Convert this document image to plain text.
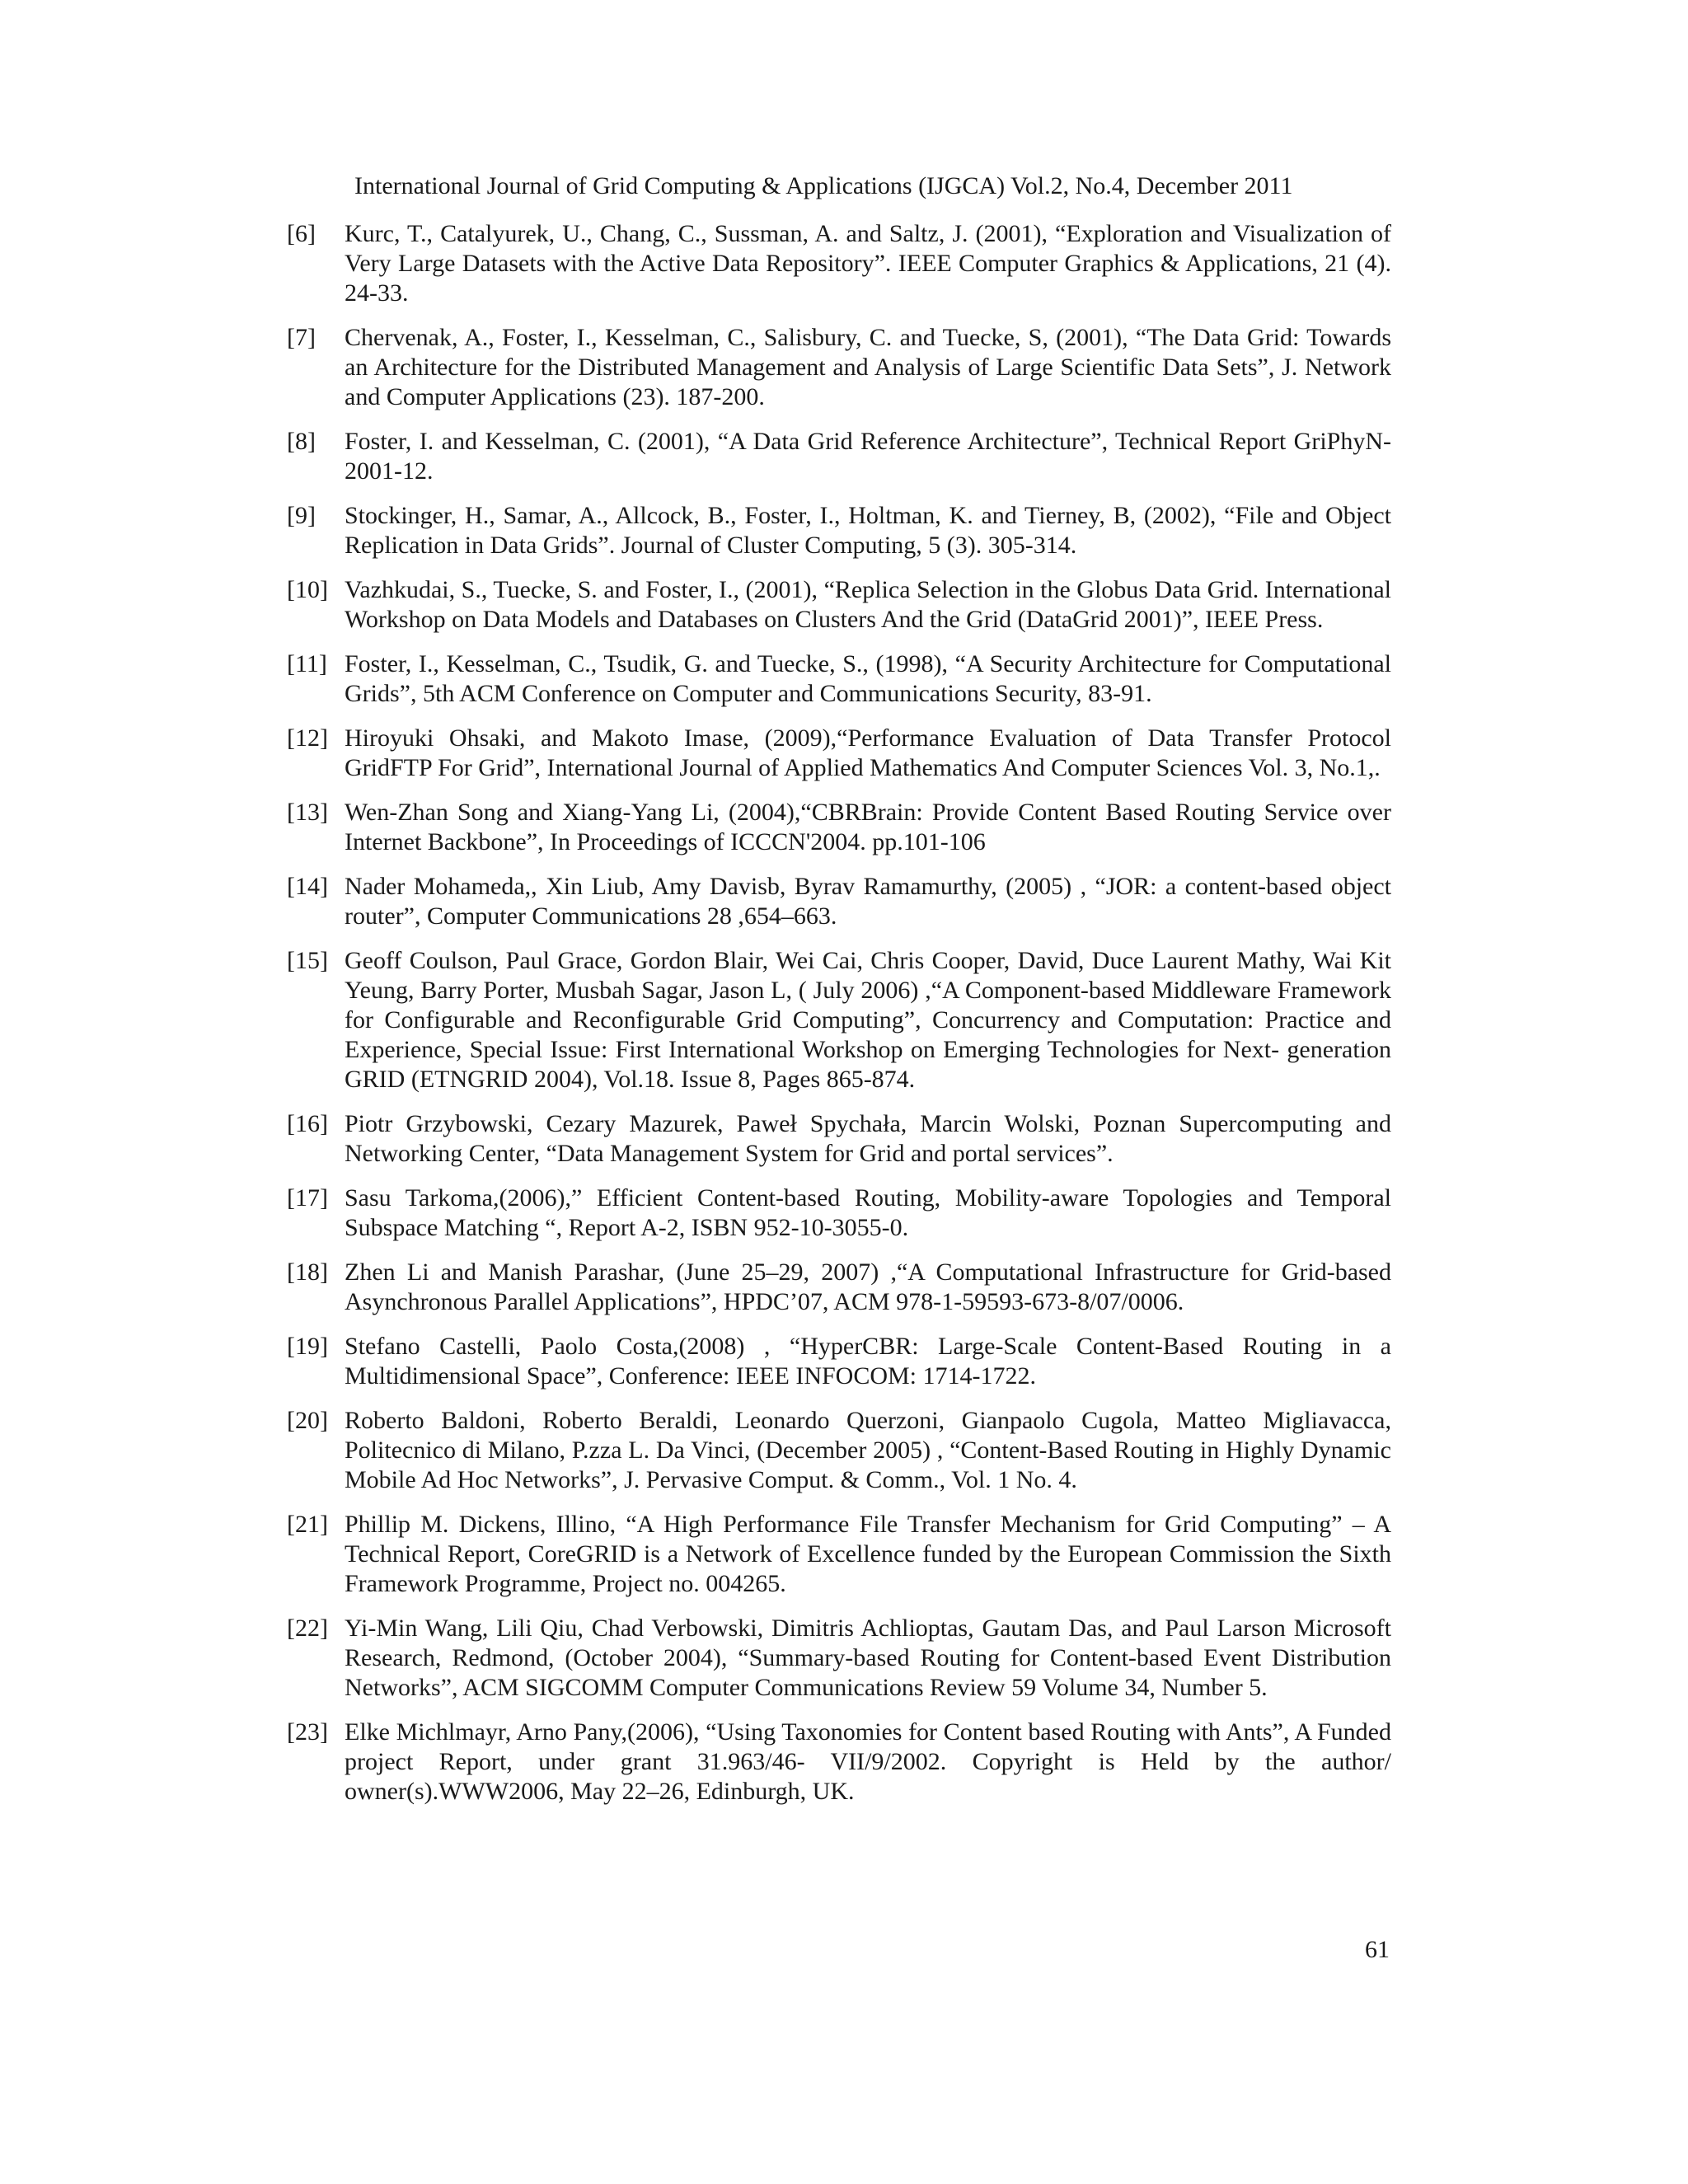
International Journal of Grid Computing & Applications (IJGCA) Vol.2, No.4, December 2011
[6]	Kurc, T., Catalyurek, U., Chang, C., Sussman, A. and Saltz, J. (2001), “Exploration and Visualization of Very Large Datasets with the Active Data Repository”. IEEE Computer Graphics & Applications, 21 (4). 24-33.
[7]	Chervenak, A., Foster, I., Kesselman, C., Salisbury, C. and Tuecke, S, (2001), “The Data Grid: Towards an Architecture for the Distributed Management and Analysis of Large Scientific Data Sets”, J. Network and Computer Applications (23). 187-200.
[8]	Foster, I. and Kesselman, C. (2001), “A Data Grid Reference Architecture”, Technical Report GriPhyN-2001-12.
[9]	Stockinger, H., Samar, A., Allcock, B., Foster, I., Holtman, K. and Tierney, B, (2002), “File and Object Replication in Data Grids”. Journal of Cluster Computing, 5 (3). 305-314.
[10] Vazhkudai, S., Tuecke, S. and Foster, I., (2001), “Replica Selection in the Globus Data Grid. International Workshop on Data Models and Databases on Clusters And the Grid (DataGrid 2001)”, IEEE Press.
[11] Foster, I., Kesselman, C., Tsudik, G. and Tuecke, S., (1998), “A Security Architecture for Computational Grids”, 5th ACM Conference on Computer and Communications Security, 83-91.
[12] Hiroyuki Ohsaki, and Makoto Imase, (2009),“Performance Evaluation of Data Transfer Protocol GridFTP For Grid”, International Journal of Applied Mathematics And Computer Sciences Vol. 3, No.1,.
[13] Wen-Zhan Song and Xiang-Yang Li, (2004),“CBRBrain: Provide Content Based Routing Service over Internet Backbone”, In Proceedings of ICCCN'2004. pp.101-106
[14] Nader Mohameda,, Xin Liub, Amy Davisb, Byrav Ramamurthy, (2005) , “JOR: a content-based object router”, Computer Communications 28 ,654–663.
[15] Geoff Coulson, Paul Grace, Gordon Blair, Wei Cai, Chris Cooper, David, Duce Laurent Mathy, Wai Kit Yeung, Barry Porter, Musbah Sagar, Jason L, ( July 2006) ,“A Component-based Middleware Framework for Configurable and Reconfigurable Grid Computing”, Concurrency and Computation: Practice and Experience, Special Issue: First International Workshop on Emerging Technologies for Next- generation GRID (ETNGRID 2004), Vol.18. Issue 8, Pages 865-874.
[16] Piotr Grzybowski, Cezary Mazurek, Paweł Spychała, Marcin Wolski, Poznan Supercomputing and Networking Center, “Data Management System for Grid and portal services”.
[17] Sasu Tarkoma,(2006),” Efficient Content-based Routing, Mobility-aware Topologies and Temporal Subspace Matching “, Report A-2, ISBN 952-10-3055-0.
[18] Zhen Li and Manish Parashar, (June 25–29, 2007) ,“A Computational Infrastructure for Grid-based Asynchronous Parallel Applications”, HPDC’07, ACM 978-1-59593-673-8/07/0006.
[19] Stefano Castelli, Paolo Costa,(2008) , “HyperCBR: Large-Scale Content-Based Routing in a Multidimensional Space”, Conference: IEEE INFOCOM: 1714-1722.
[20] Roberto Baldoni, Roberto Beraldi, Leonardo Querzoni, Gianpaolo Cugola, Matteo Migliavacca, Politecnico di Milano, P.zza L. Da Vinci, (December 2005) , “Content-Based Routing in Highly Dynamic Mobile Ad Hoc Networks”, J. Pervasive Comput. & Comm., Vol. 1 No. 4.
[21] Phillip M. Dickens, Illino, “A High Performance File Transfer Mechanism for Grid Computing” – A Technical Report, CoreGRID is a Network of Excellence funded by the European Commission the Sixth Framework Programme, Project no. 004265.
[22] Yi-Min Wang, Lili Qiu, Chad Verbowski, Dimitris Achlioptas, Gautam Das, and Paul Larson Microsoft Research, Redmond, (October 2004), “Summary-based Routing for Content-based Event Distribution Networks”, ACM SIGCOMM Computer Communications Review 59 Volume 34, Number 5.
[23] Elke Michlmayr, Arno Pany,(2006), “Using Taxonomies for Content based Routing with Ants”, A Funded project Report, under grant 31.963/46- VII/9/2002. Copyright is Held by the author/ owner(s).WWW2006, May 22–26, Edinburgh, UK.
61
